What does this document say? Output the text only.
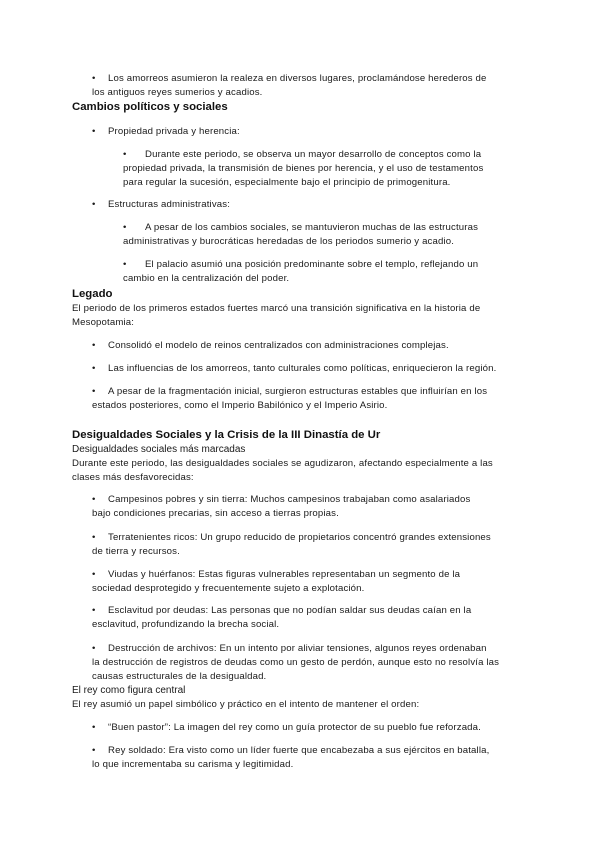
• Los amorreos asumieron la realeza en diversos lugares, proclamándose herederos de
los antiguos reyes sumerios y acadios.
Cambios políticos y sociales
• Propiedad privada y herencia:
• Durante este periodo, se observa un mayor desarrollo de conceptos como la
propiedad privada, la transmisión de bienes por herencia, y el uso de testamentos
para regular la sucesión, especialmente bajo el principio de primogenitura.
• Estructuras administrativas:
• A pesar de los cambios sociales, se mantuvieron muchas de las estructuras
administrativas y burocráticas heredadas de los periodos sumerio y acadio.
• El palacio asumió una posición predominante sobre el templo, reflejando un
cambio en la centralización del poder.
Legado
El periodo de los primeros estados fuertes marcó una transición significativa en la historia de
Mesopotamia:
• Consolidó el modelo de reinos centralizados con administraciones complejas.
• Las influencias de los amorreos, tanto culturales como políticas, enriquecieron la región.
• A pesar de la fragmentación inicial, surgieron estructuras estables que influirían en los
estados posteriores, como el Imperio Babilónico y el Imperio Asirio.
Desigualdades Sociales y la Crisis de la III Dinastía de Ur
Desigualdades sociales más marcadas
Durante este periodo, las desigualdades sociales se agudizaron, afectando especialmente a las
clases más desfavorecidas:
• Campesinos pobres y sin tierra: Muchos campesinos trabajaban como asalariados
bajo condiciones precarias, sin acceso a tierras propias.
• Terratenientes ricos: Un grupo reducido de propietarios concentró grandes extensiones
de tierra y recursos.
• Viudas y huérfanos: Estas figuras vulnerables representaban un segmento de la
sociedad desprotegido y frecuentemente sujeto a explotación.
• Esclavitud por deudas: Las personas que no podían saldar sus deudas caían en la
esclavitud, profundizando la brecha social.
• Destrucción de archivos: En un intento por aliviar tensiones, algunos reyes ordenaban
la destrucción de registros de deudas como un gesto de perdón, aunque esto no resolvía las
causas estructurales de la desigualdad.
El rey como figura central
El rey asumió un papel simbólico y práctico en el intento de mantener el orden:
• “Buen pastor”: La imagen del rey como un guía protector de su pueblo fue reforzada.
• Rey soldado: Era visto como un líder fuerte que encabezaba a sus ejércitos en batalla,
lo que incrementaba su carisma y legitimidad.
